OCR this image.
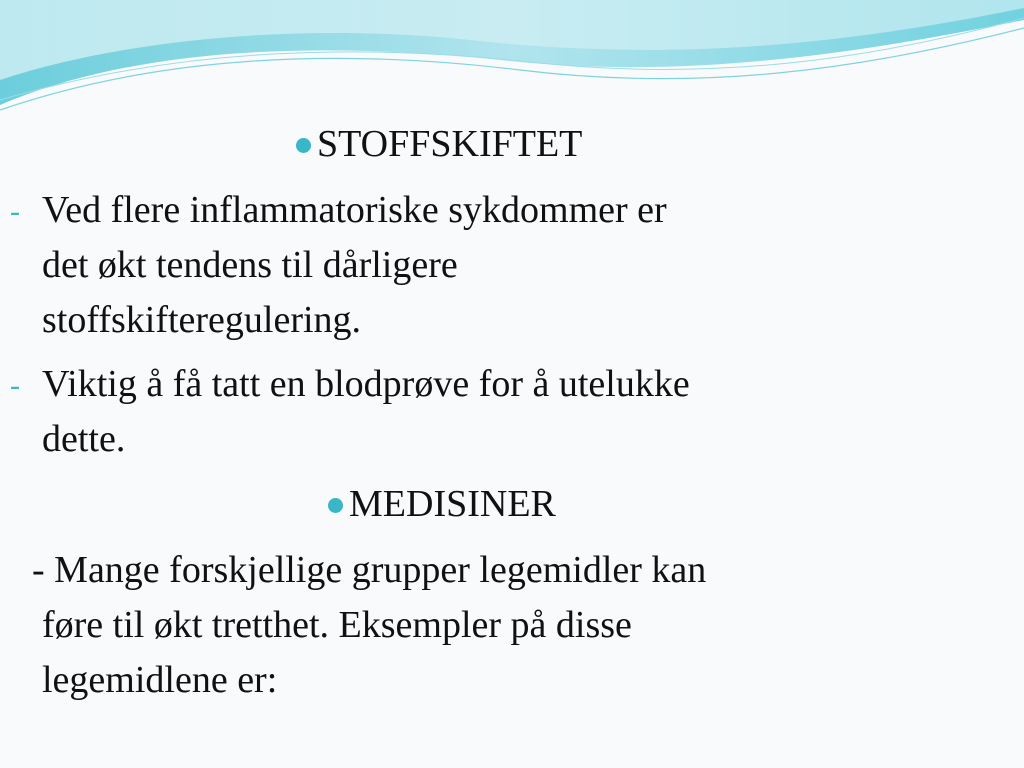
STOFFSKIFTET
- Ved flere inflammatoriske sykdommer er
det økt tendens til dårligere
stoffskifteregulering.
- Viktig å få tatt en blodprøve for å utelukke
dette.
MEDISINER
- Mange forskjellige grupper legemidler kan
føre til økt tretthet. Eksempler på disse
legemidlene er:
